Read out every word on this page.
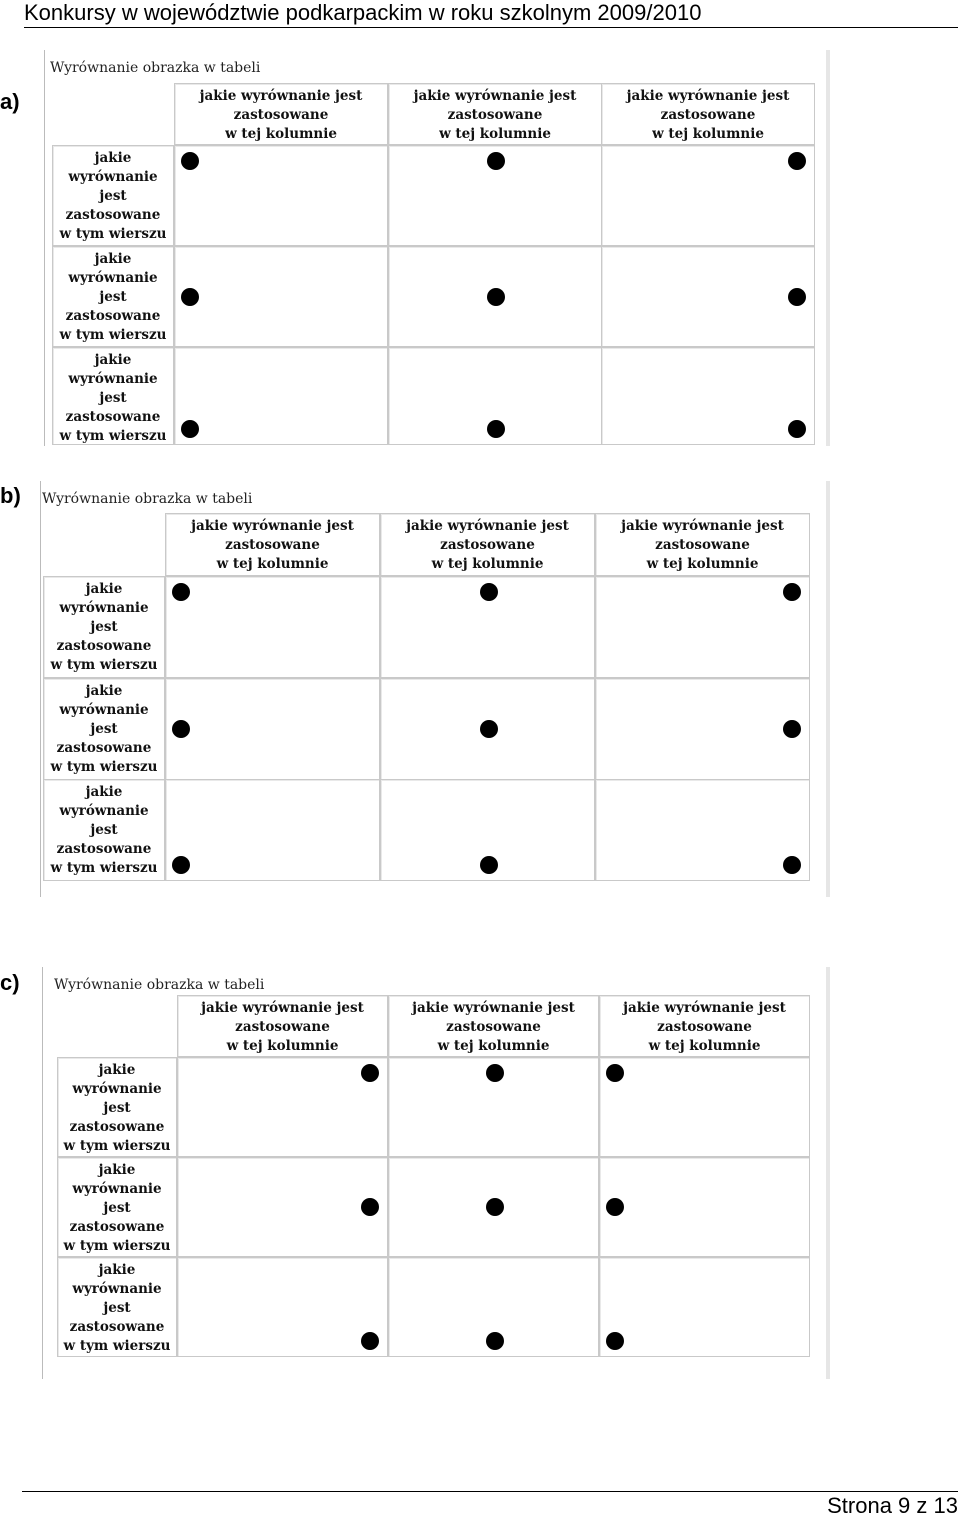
Konkursy w województwie podkarpackim w roku szkolnym 2009/2010
a)
b)
c)
Wyrównanie obrazka w tabeli
jakie wyrównanie jest
zastosowane
w tej kolumnie
jakie wyrównanie jest
zastosowane
w tej kolumnie
jakie wyrównanie jest
zastosowane
w tej kolumnie
jakie
wyrównanie
jest
zastosowane
w tym wierszu
jakie
wyrównanie
jest
zastosowane
w tym wierszu
jakie
wyrównanie
jest
zastosowane
w tym wierszu
Wyrównanie obrazka w tabeli
jakie wyrównanie jest
zastosowane
w tej kolumnie
jakie wyrównanie jest
zastosowane
w tej kolumnie
jakie wyrównanie jest
zastosowane
w tej kolumnie
jakie
wyrównanie
jest
zastosowane
w tym wierszu
jakie
wyrównanie
jest
zastosowane
w tym wierszu
jakie
wyrównanie
jest
zastosowane
w tym wierszu
Wyrównanie obrazka w tabeli
jakie wyrównanie jest
zastosowane
w tej kolumnie
jakie wyrównanie jest
zastosowane
w tej kolumnie
jakie wyrównanie jest
zastosowane
w tej kolumnie
jakie
wyrównanie
jest
zastosowane
w tym wierszu
jakie
wyrównanie
jest
zastosowane
w tym wierszu
jakie
wyrównanie
jest
zastosowane
w tym wierszu
Strona 9 z 13
